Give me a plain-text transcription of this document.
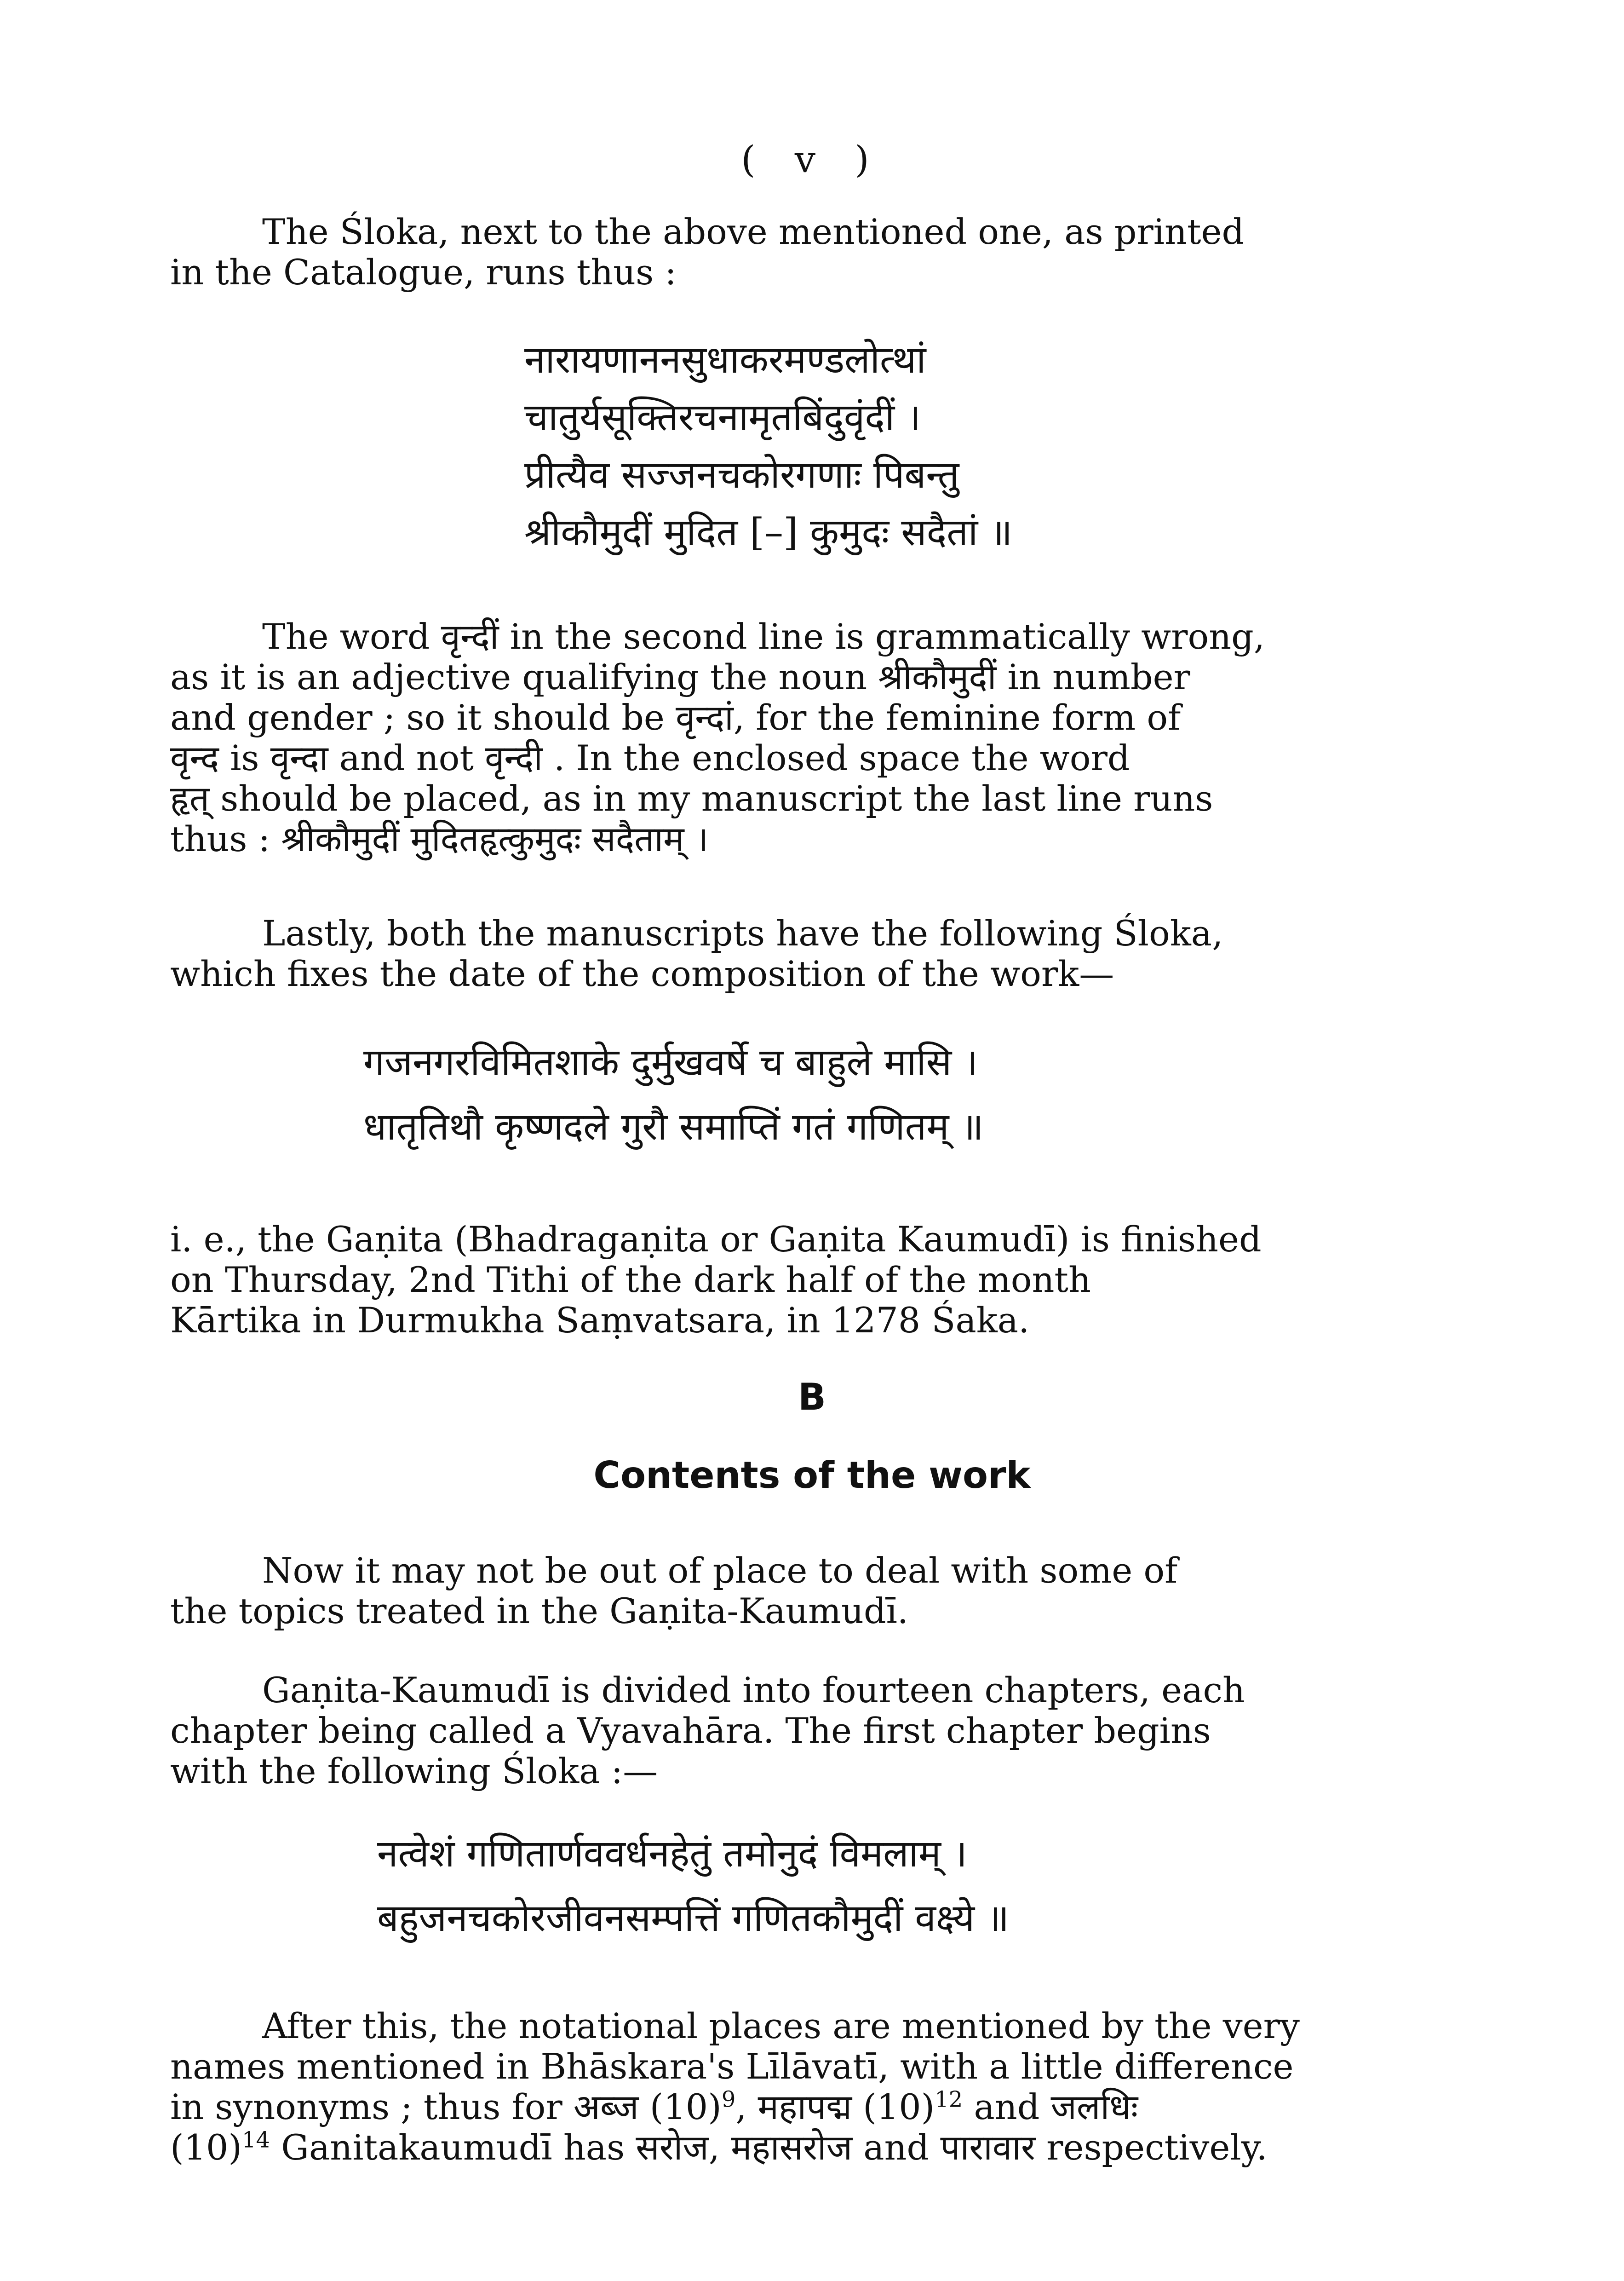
( v )
The Śloka, next to the above mentioned one, as printed
in the Catalogue, runs thus :
नारायणाननसुधाकरमण्डलोत्थां
चातुर्यसूक्तिरचनामृतबिंदुवृंदीं ।
प्रीत्यैव सज्जनचकोरगणाः पिबन्तु
श्रीकौमुदीं मुदित [–] कुमुदः सदैतां ॥
The word वृन्दीं in the second line is grammatically wrong,
as it is an adjective qualifying the noun श्रीकौमुदीं in number
and gender ; so it should be वृन्दां, for the feminine form of
वृन्द is वृन्दा and not वृन्दी . In the enclosed space the word
हृत् should be placed, as in my manuscript the last line runs
thus : श्रीकौमुदीं मुदितहृत्कुमुदः सदैताम् ।
Lastly, both the manuscripts have the following Śloka,
which fixes the date of the composition of the work—
गजनगरविमितशाके दुर्मुखवर्षे च बाहुले मासि ।
धातृतिथौ कृष्णदले गुरौ समाप्तिं गतं गणितम् ॥
i. e., the Gaṇita (Bhadragaṇita or Gaṇita Kaumudī) is finished
on Thursday, 2nd Tithi of the dark half of the month
Kārtika in Durmukha Saṃvatsara, in 1278 Śaka.
B
Contents of the work
Now it may not be out of place to deal with some of
the topics treated in the Gaṇita-Kaumudī.
Gaṇita-Kaumudī is divided into fourteen chapters, each
chapter being called a Vyavahāra. The first chapter begins
with the following Śloka :—
नत्वेशं गणितार्णववर्धनहेतुं तमोनुदं विमलाम् ।
बहुजनचकोरजीवनसम्पत्तिं गणितकौमुदीं वक्ष्ये ॥
After this, the notational places are mentioned by the very
names mentioned in Bhāskara's Līlāvatī, with a little difference
in synonyms ; thus for अब्ज $(10)^9$, महापद्म $(10)^{12}$ and जलधिः
$(10)^{14}$ Ganitakaumudī has सरोज, महासरोज and पारावार respectively.
